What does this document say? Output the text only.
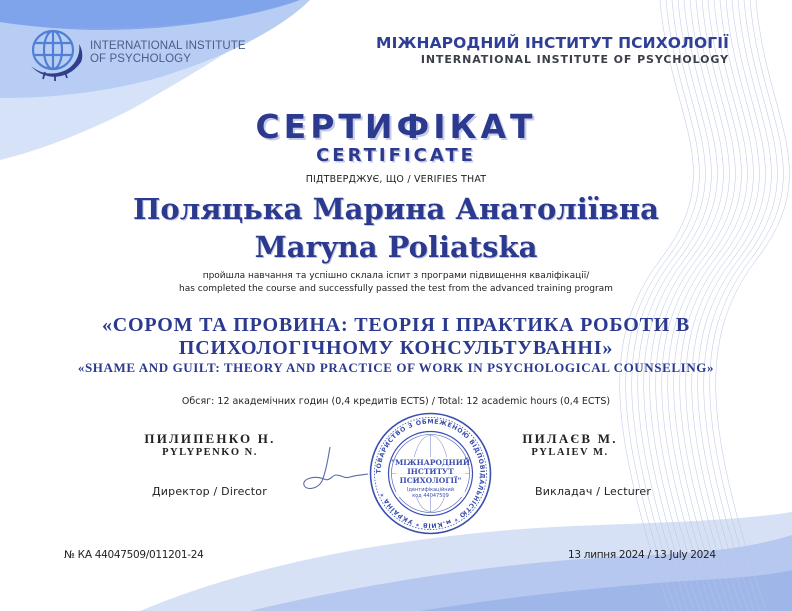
INTERNATIONAL INSTITUTE
OF PSYCHOLOGY
МІЖНАРОДНИЙ ІНСТИТУТ ПСИХОЛОГІЇ
INTERNATIONAL INSTITUTE OF PSYCHOLOGY
СЕРТИФІКАТ
CERTIFICATE
ПІДТВЕРДЖУЄ, ЩО / VERIFIES THAT
Поляцька Марина Анатоліївна
Maryna Poliatska
пройшла навчання та успішно склала іспит з програми підвищення кваліфікації/
has completed the course and successfully passed the test from the advanced training program
«СОРОМ ТА ПРОВИНА: ТЕОРІЯ І ПРАКТИКА РОБОТИ В
ПСИХОЛОГІЧНОМУ КОНСУЛЬТУВАННІ»
«SHAME AND GUILT: THEORY AND PRACTICE OF WORK IN PSYCHOLOGICAL COUNSELING»
Обсяг: 12 академічних годин (0,4 кредитів ECTS) / Total: 12 academic hours (0,4 ECTS)
ПИЛИПЕНКО Н.
PYLYPENKO N.
Директор / Director
ПИЛАЄВ М.
PYLAIEV M.
Викладач / Lecturer
ТОВАРИСТВО З ОБМЕЖЕНОЮ ВІДПОВІДАЛЬНІСТЮ * м.КИЇВ * УКРАЇНА *
"МІЖНАРОДНИЙ
ІНСТИТУТ
ПСИХОЛОГІЇ"
Ідентифікаційний
код 44047509
№ КА 44047509/011201-24	13 липня 2024 / 13 July 2024
